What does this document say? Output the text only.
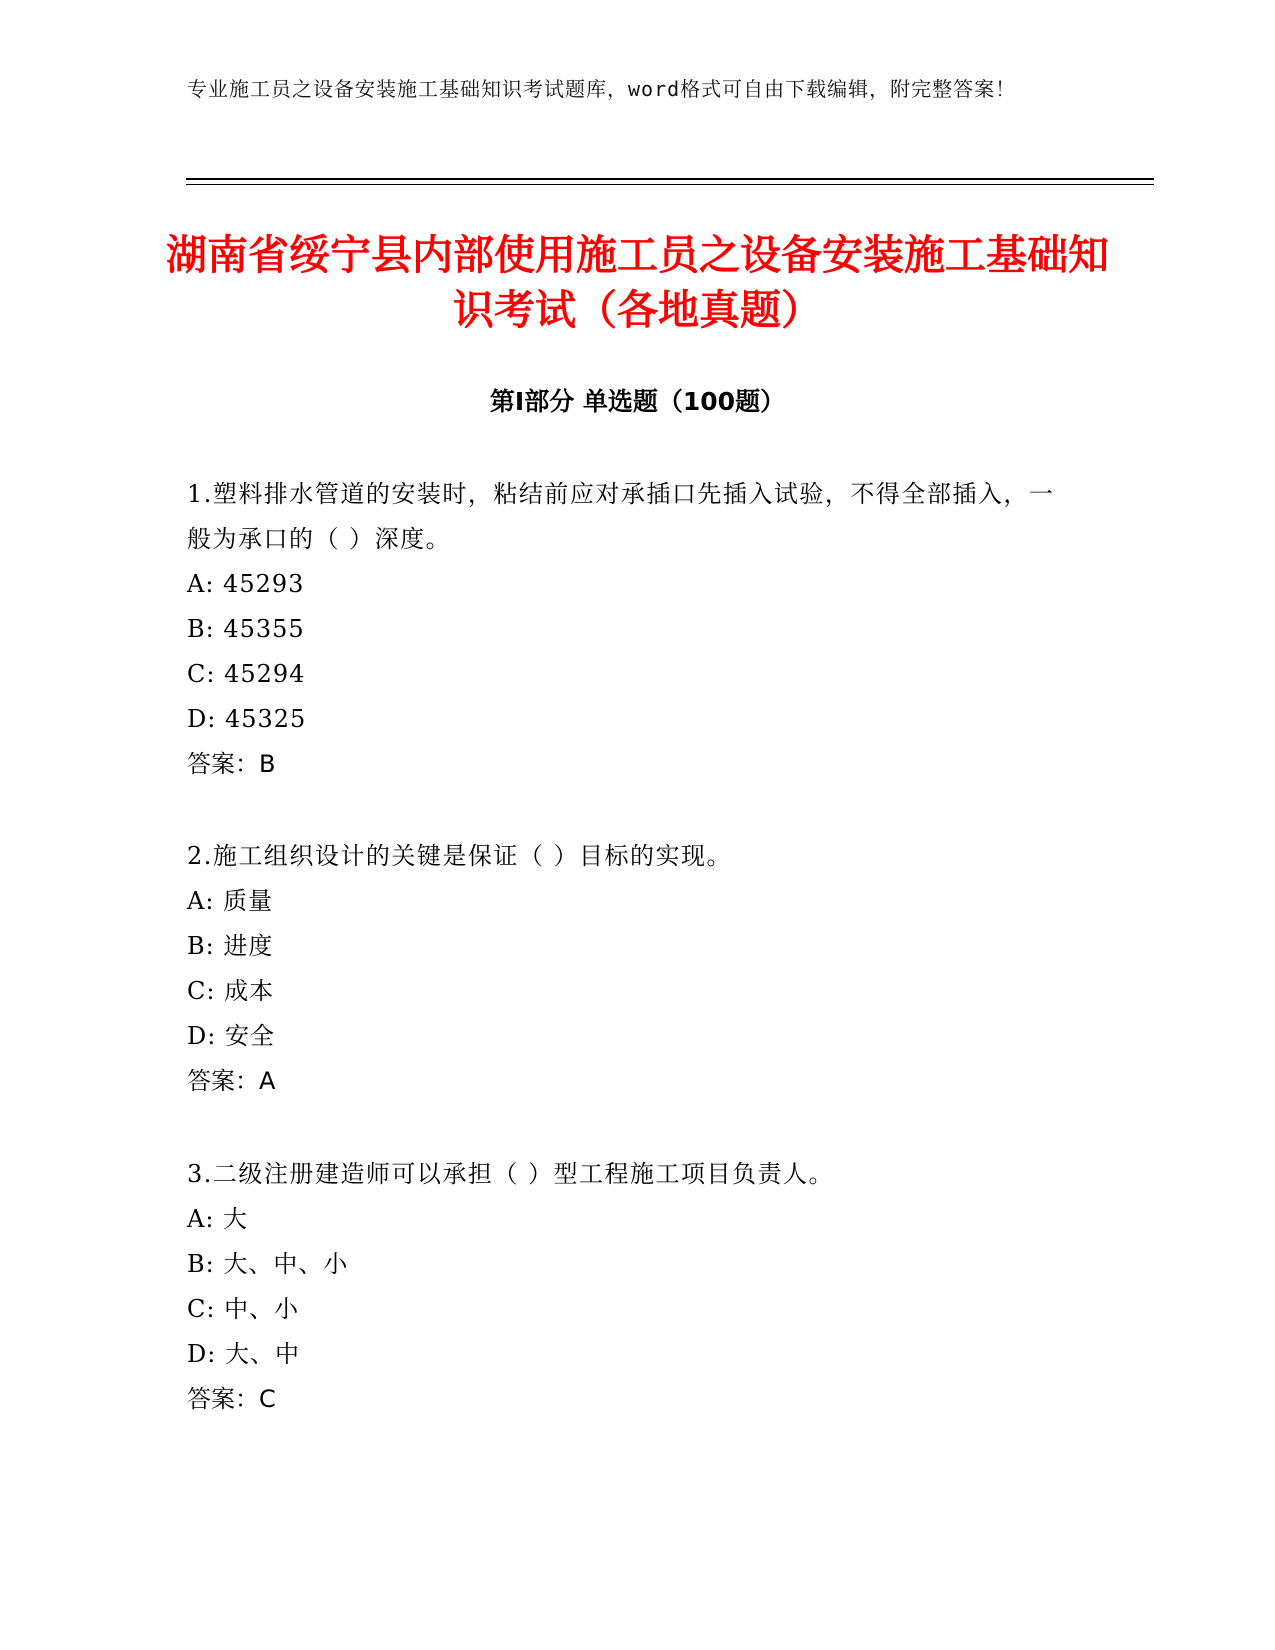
专业施工员之设备安装施工基础知识考试题库，word格式可自由下载编辑，附完整答案！
湖南省绥宁县内部使用施工员之设备安装施工基础知识考试（各地真题）
第Ⅰ部分 单选题（100题）

1.塑料排水管道的安装时，粘结前应对承插口先插入试验，不得全部插入，一般为承口的（ ）深度。

A: 45293

B: 45355

C: 45294

D: 45325

答案：B

2.施工组织设计的关键是保证（ ）目标的实现。

A: 质量

B: 进度

C: 成本

D: 安全

答案：A

3.二级注册建造师可以承担（ ）型工程施工项目负责人。

A: 大

B: 大、中、小

C: 中、小

D: 大、中

答案：C
